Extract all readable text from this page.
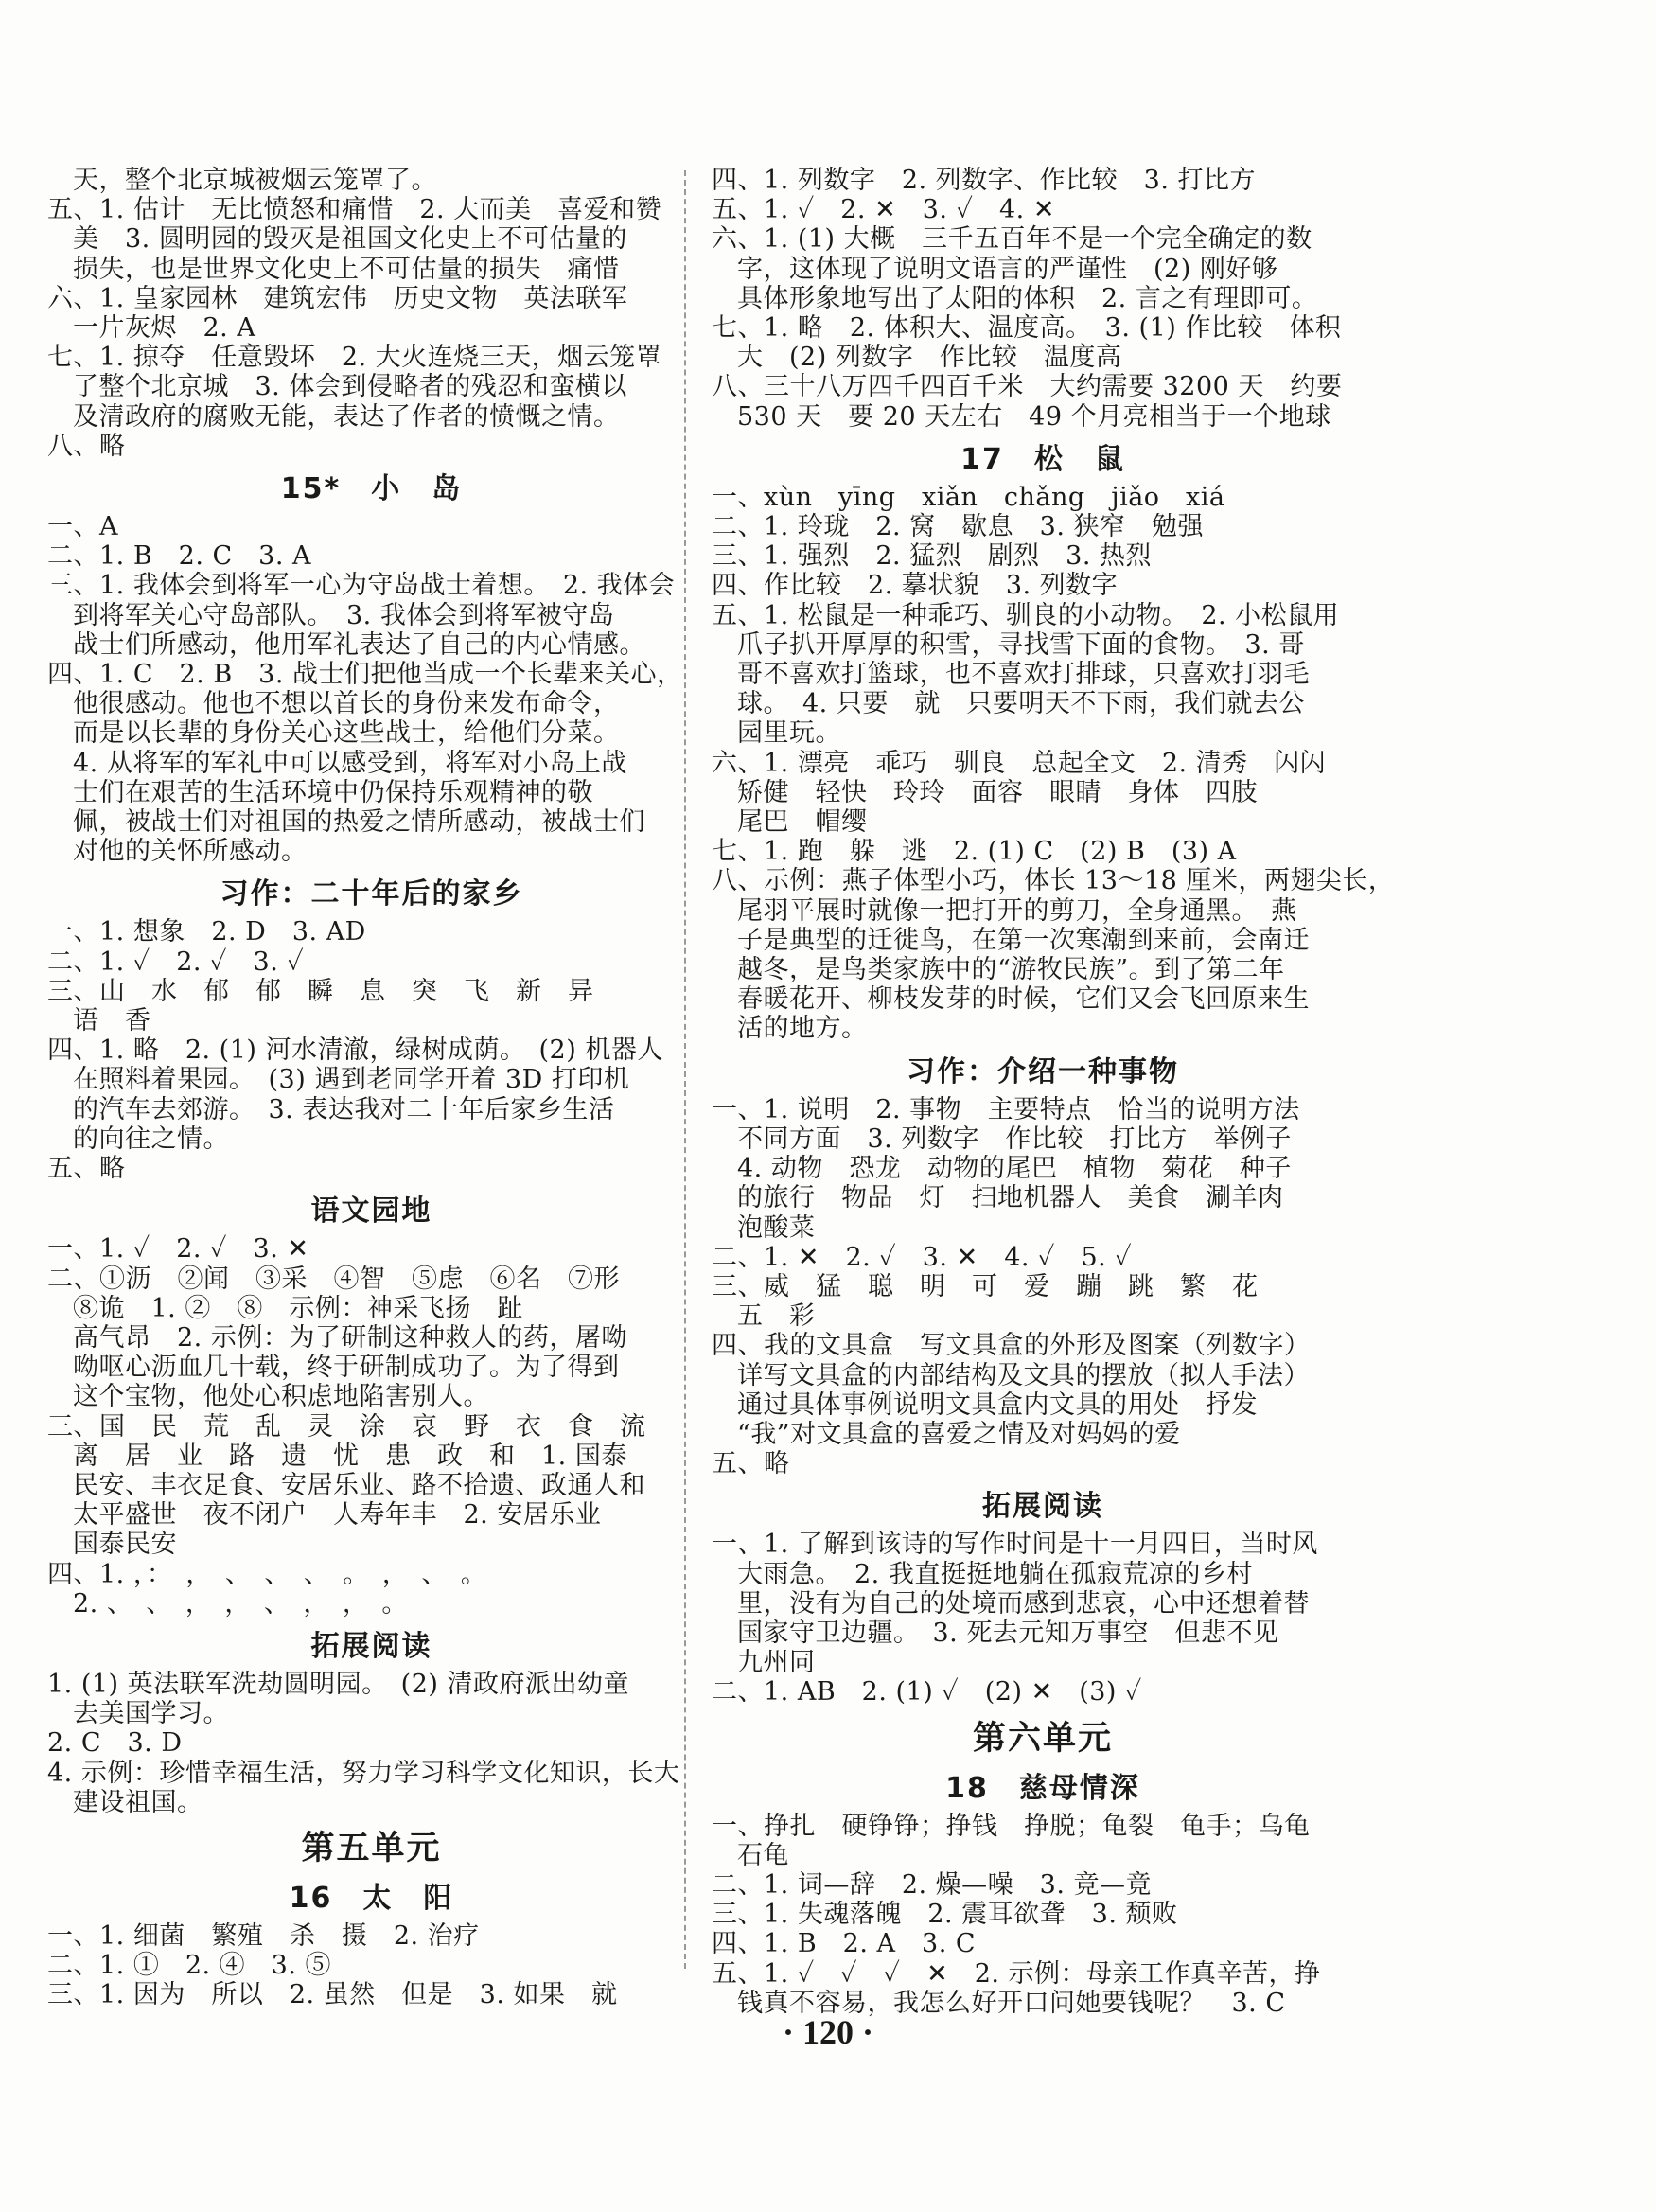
天，整个北京城被烟云笼罩了。
五、1. 估计　无比愤怒和痛惜　2. 大而美　喜爱和赞
美　3. 圆明园的毁灭是祖国文化史上不可估量的
损失，也是世界文化史上不可估量的损失　痛惜
六、1. 皇家园林　建筑宏伟　历史文物　英法联军
一片灰烬　2. A
七、1. 掠夺　任意毁坏　2. 大火连烧三天，烟云笼罩
了整个北京城　3. 体会到侵略者的残忍和蛮横以
及清政府的腐败无能，表达了作者的愤慨之情。
八、略
15*　小　岛
一、A
二、1. B　2. C　3. A
三、1. 我体会到将军一心为守岛战士着想。　2. 我体会
到将军关心守岛部队。　3. 我体会到将军被守岛
战士们所感动，他用军礼表达了自己的内心情感。
四、1. C　2. B　3. 战士们把他当成一个长辈来关心，
他很感动。他也不想以首长的身份来发布命令，
而是以长辈的身份关心这些战士，给他们分菜。
4. 从将军的军礼中可以感受到，将军对小岛上战
士们在艰苦的生活环境中仍保持乐观精神的敬
佩，被战士们对祖国的热爱之情所感动，被战士们
对他的关怀所感动。
习作：二十年后的家乡
一、1. 想象　2. D　3. AD
二、1. ✓　2. ✓　3. ✓
三、山　水　郁　郁　瞬　息　突　飞　新　异
语　香
四、1. 略　2. (1) 河水清澈，绿树成荫。　(2) 机器人
在照料着果园。　(3) 遇到老同学开着 3D 打印机
的汽车去郊游。　3. 表达我对二十年后家乡生活
的向往之情。
五、略
语文园地
一、1. ✓　2. ✓　3. ✕
二、①沥　②闻　③采　④智　⑤虑　⑥名　⑦形
⑧诡　1. ②　⑧　示例：神采飞扬　趾
高气昂　2. 示例：为了研制这种救人的药，屠呦
呦呕心沥血几十载，终于研制成功了。为了得到
这个宝物，他处心积虑地陷害别人。
三、国　民　荒　乱　灵　涂　哀　野　衣　食　流
离　居　业　路　遗　忧　患　政　和　1. 国泰
民安、丰衣足食、安居乐业、路不拾遗、政通人和
太平盛世　夜不闭户　人寿年丰　2. 安居乐业
国泰民安
四、1. ，：　，　、　、　、　。　，　、　。
2. 、　、　，　，　、　，　，　。
拓展阅读
1. (1) 英法联军洗劫圆明园。　(2) 清政府派出幼童
去美国学习。
2. C　3. D
4. 示例：珍惜幸福生活，努力学习科学文化知识，长大
建设祖国。
第五单元
16　太　阳
一、1. 细菌　繁殖　杀　摄　2. 治疗
二、1. ①　2. ④　3. ⑤
三、1. 因为　所以　2. 虽然　但是　3. 如果　就
四、1. 列数字　2. 列数字、作比较　3. 打比方
五、1. ✓　2. ✕　3. ✓　4. ✕
六、1. (1) 大概　三千五百年不是一个完全确定的数
字，这体现了说明文语言的严谨性　(2) 刚好够
具体形象地写出了太阳的体积　2. 言之有理即可。
七、1. 略　2. 体积大、温度高。　3. (1) 作比较　体积
大　(2) 列数字　作比较　温度高
八、三十八万四千四百千米　大约需要 3200 天　约要
530 天　要 20 天左右　49 个月亮相当于一个地球
17　松　鼠
一、xùn　yīng　xiǎn　chǎng　jiǎo　xiá
二、1. 玲珑　2. 窝　歇息　3. 狭窄　勉强
三、1. 强烈　2. 猛烈　剧烈　3. 热烈
四、作比较　2. 摹状貌　3. 列数字
五、1. 松鼠是一种乖巧、驯良的小动物。　2. 小松鼠用
爪子扒开厚厚的积雪，寻找雪下面的食物。　3. 哥
哥不喜欢打篮球，也不喜欢打排球，只喜欢打羽毛
球。　4. 只要　就　只要明天不下雨，我们就去公
园里玩。
六、1. 漂亮　乖巧　驯良　总起全文　2. 清秀　闪闪
矫健　轻快　玲玲　面容　眼睛　身体　四肢
尾巴　帽缨
七、1. 跑　躲　逃　2. (1) C　(2) B　(3) A
八、示例：燕子体型小巧，体长 13～18 厘米，两翅尖长，
尾羽平展时就像一把打开的剪刀，全身通黑。　燕
子是典型的迁徙鸟，在第一次寒潮到来前，会南迁
越冬，是鸟类家族中的“游牧民族”。到了第二年
春暖花开、柳枝发芽的时候，它们又会飞回原来生
活的地方。
习作：介绍一种事物
一、1. 说明　2. 事物　主要特点　恰当的说明方法
不同方面　3. 列数字　作比较　打比方　举例子
4. 动物　恐龙　动物的尾巴　植物　菊花　种子
的旅行　物品　灯　扫地机器人　美食　涮羊肉
泡酸菜
二、1. ✕　2. ✓　3. ✕　4. ✓　5. ✓
三、威　猛　聪　明　可　爱　蹦　跳　繁　花
五　彩
四、我的文具盒　写文具盒的外形及图案（列数字）
详写文具盒的内部结构及文具的摆放（拟人手法）
通过具体事例说明文具盒内文具的用处　抒发
“我”对文具盒的喜爱之情及对妈妈的爱
五、略
拓展阅读
一、1. 了解到该诗的写作时间是十一月四日，当时风
大雨急。　2. 我直挺挺地躺在孤寂荒凉的乡村
里，没有为自己的处境而感到悲哀，心中还想着替
国家守卫边疆。　3. 死去元知万事空　但悲不见
九州同
二、1. AB　2. (1) ✓　(2) ✕　(3) ✓
第六单元
18　慈母情深
一、挣扎　硬铮铮；挣钱　挣脱；龟裂　龟手；乌龟
石龟
二、1. 词—辞　2. 燥—噪　3. 竞—竟
三、1. 失魂落魄　2. 震耳欲聋　3. 颓败
四、1. B　2. A　3. C
五、1. ✓　✓　✓　✕　2. 示例：母亲工作真辛苦，挣
钱真不容易，我怎么好开口问她要钱呢？　3. C
· 120 ·
